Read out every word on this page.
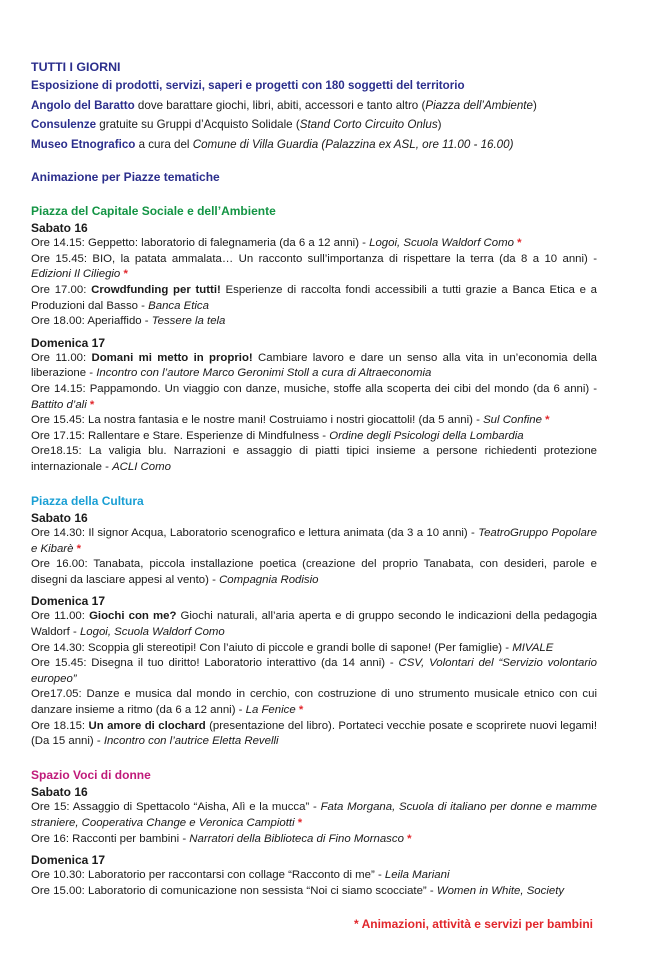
TUTTI I GIORNI
Esposizione di prodotti, servizi, saperi e progetti con 180 soggetti del territorio
Angolo del Baratto dove barattare giochi, libri, abiti, accessori e tanto altro (Piazza dell’Ambiente)
Consulenze gratuite su Gruppi d’Acquisto Solidale (Stand Corto Circuito Onlus)
Museo Etnografico a cura del Comune di Villa Guardia (Palazzina ex ASL, ore 11.00 - 16.00)
Animazione per Piazze tematiche
Piazza del Capitale Sociale e dell’Ambiente
Sabato 16
Ore 14.15: Geppetto: laboratorio di falegnameria (da 6 a 12 anni) - Logoi, Scuola Waldorf Como *
Ore 15.45: BIO, la patata ammalata… Un racconto sull’importanza di rispettare la terra (da 8 a 10 anni) - Edizioni Il Ciliegio *
Ore 17.00: Crowdfunding per tutti! Esperienze di raccolta fondi accessibili a tutti grazie a Banca Etica e a Produzioni dal Basso - Banca Etica
Ore 18.00: Aperiaffido - Tessere la tela
Domenica 17
Ore 11.00: Domani mi metto in proprio! Cambiare lavoro e dare un senso alla vita in un’economia della liberazione - Incontro con l’autore Marco Geronimi Stoll a cura di Altraeconomia
Ore 14.15: Pappamondo. Un viaggio con danze, musiche, stoffe alla scoperta dei cibi del mondo (da 6 anni) - Battito d’ali *
Ore 15.45: La nostra fantasia e le nostre mani! Costruiamo i nostri giocattoli! (da 5 anni) - Sul Confine *
Ore 17.15: Rallentare e Stare. Esperienze di Mindfulness - Ordine degli Psicologi della Lombardia
Ore18.15: La valigia blu. Narrazioni e assaggio di piatti tipici insieme a persone richiedenti protezione internazionale - ACLI Como
Piazza della Cultura
Sabato 16
Ore 14.30: Il signor Acqua, Laboratorio scenografico e lettura animata (da 3 a 10 anni) - TeatroGruppo Popolare e Kibarè *
Ore 16.00: Tanabata, piccola installazione poetica (creazione del proprio Tanabata, con desideri, parole e disegni da lasciare appesi al vento) - Compagnia Rodisio
Domenica 17
Ore 11.00: Giochi con me? Giochi naturali, all’aria aperta e di gruppo secondo le indicazioni della pedagogia Waldorf - Logoi, Scuola Waldorf Como
Ore 14.30: Scoppia gli stereotipi! Con l’aiuto di piccole e grandi bolle di sapone! (Per famiglie) - MIVALE
Ore 15.45: Disegna il tuo diritto! Laboratorio interattivo (da 14 anni) - CSV, Volontari del “Servizio volontario europeo”
Ore17.05: Danze e musica dal mondo in cerchio, con costruzione di uno strumento musicale etnico con cui danzare insieme a ritmo (da 6 a 12 anni) - La Fenice *
Ore 18.15: Un amore di clochard (presentazione del libro). Portateci vecchie posate e scoprirete nuovi legami! (Da 15 anni) - Incontro con l’autrice Eletta Revelli
Spazio Voci di donne
Sabato 16
Ore 15: Assaggio di Spettacolo “Aisha, Alì e la mucca” - Fata Morgana, Scuola di italiano per donne e mamme straniere, Cooperativa Change e Veronica Campiotti *
Ore 16: Racconti per bambini - Narratori della Biblioteca di Fino Mornasco *
Domenica 17
Ore 10.30: Laboratorio per raccontarsi con collage “Racconto di me” - Leila Mariani
Ore 15.00: Laboratorio di comunicazione non sessista “Noi ci siamo scocciate” - Women in White, Society
* Animazioni, attività e servizi per bambini
